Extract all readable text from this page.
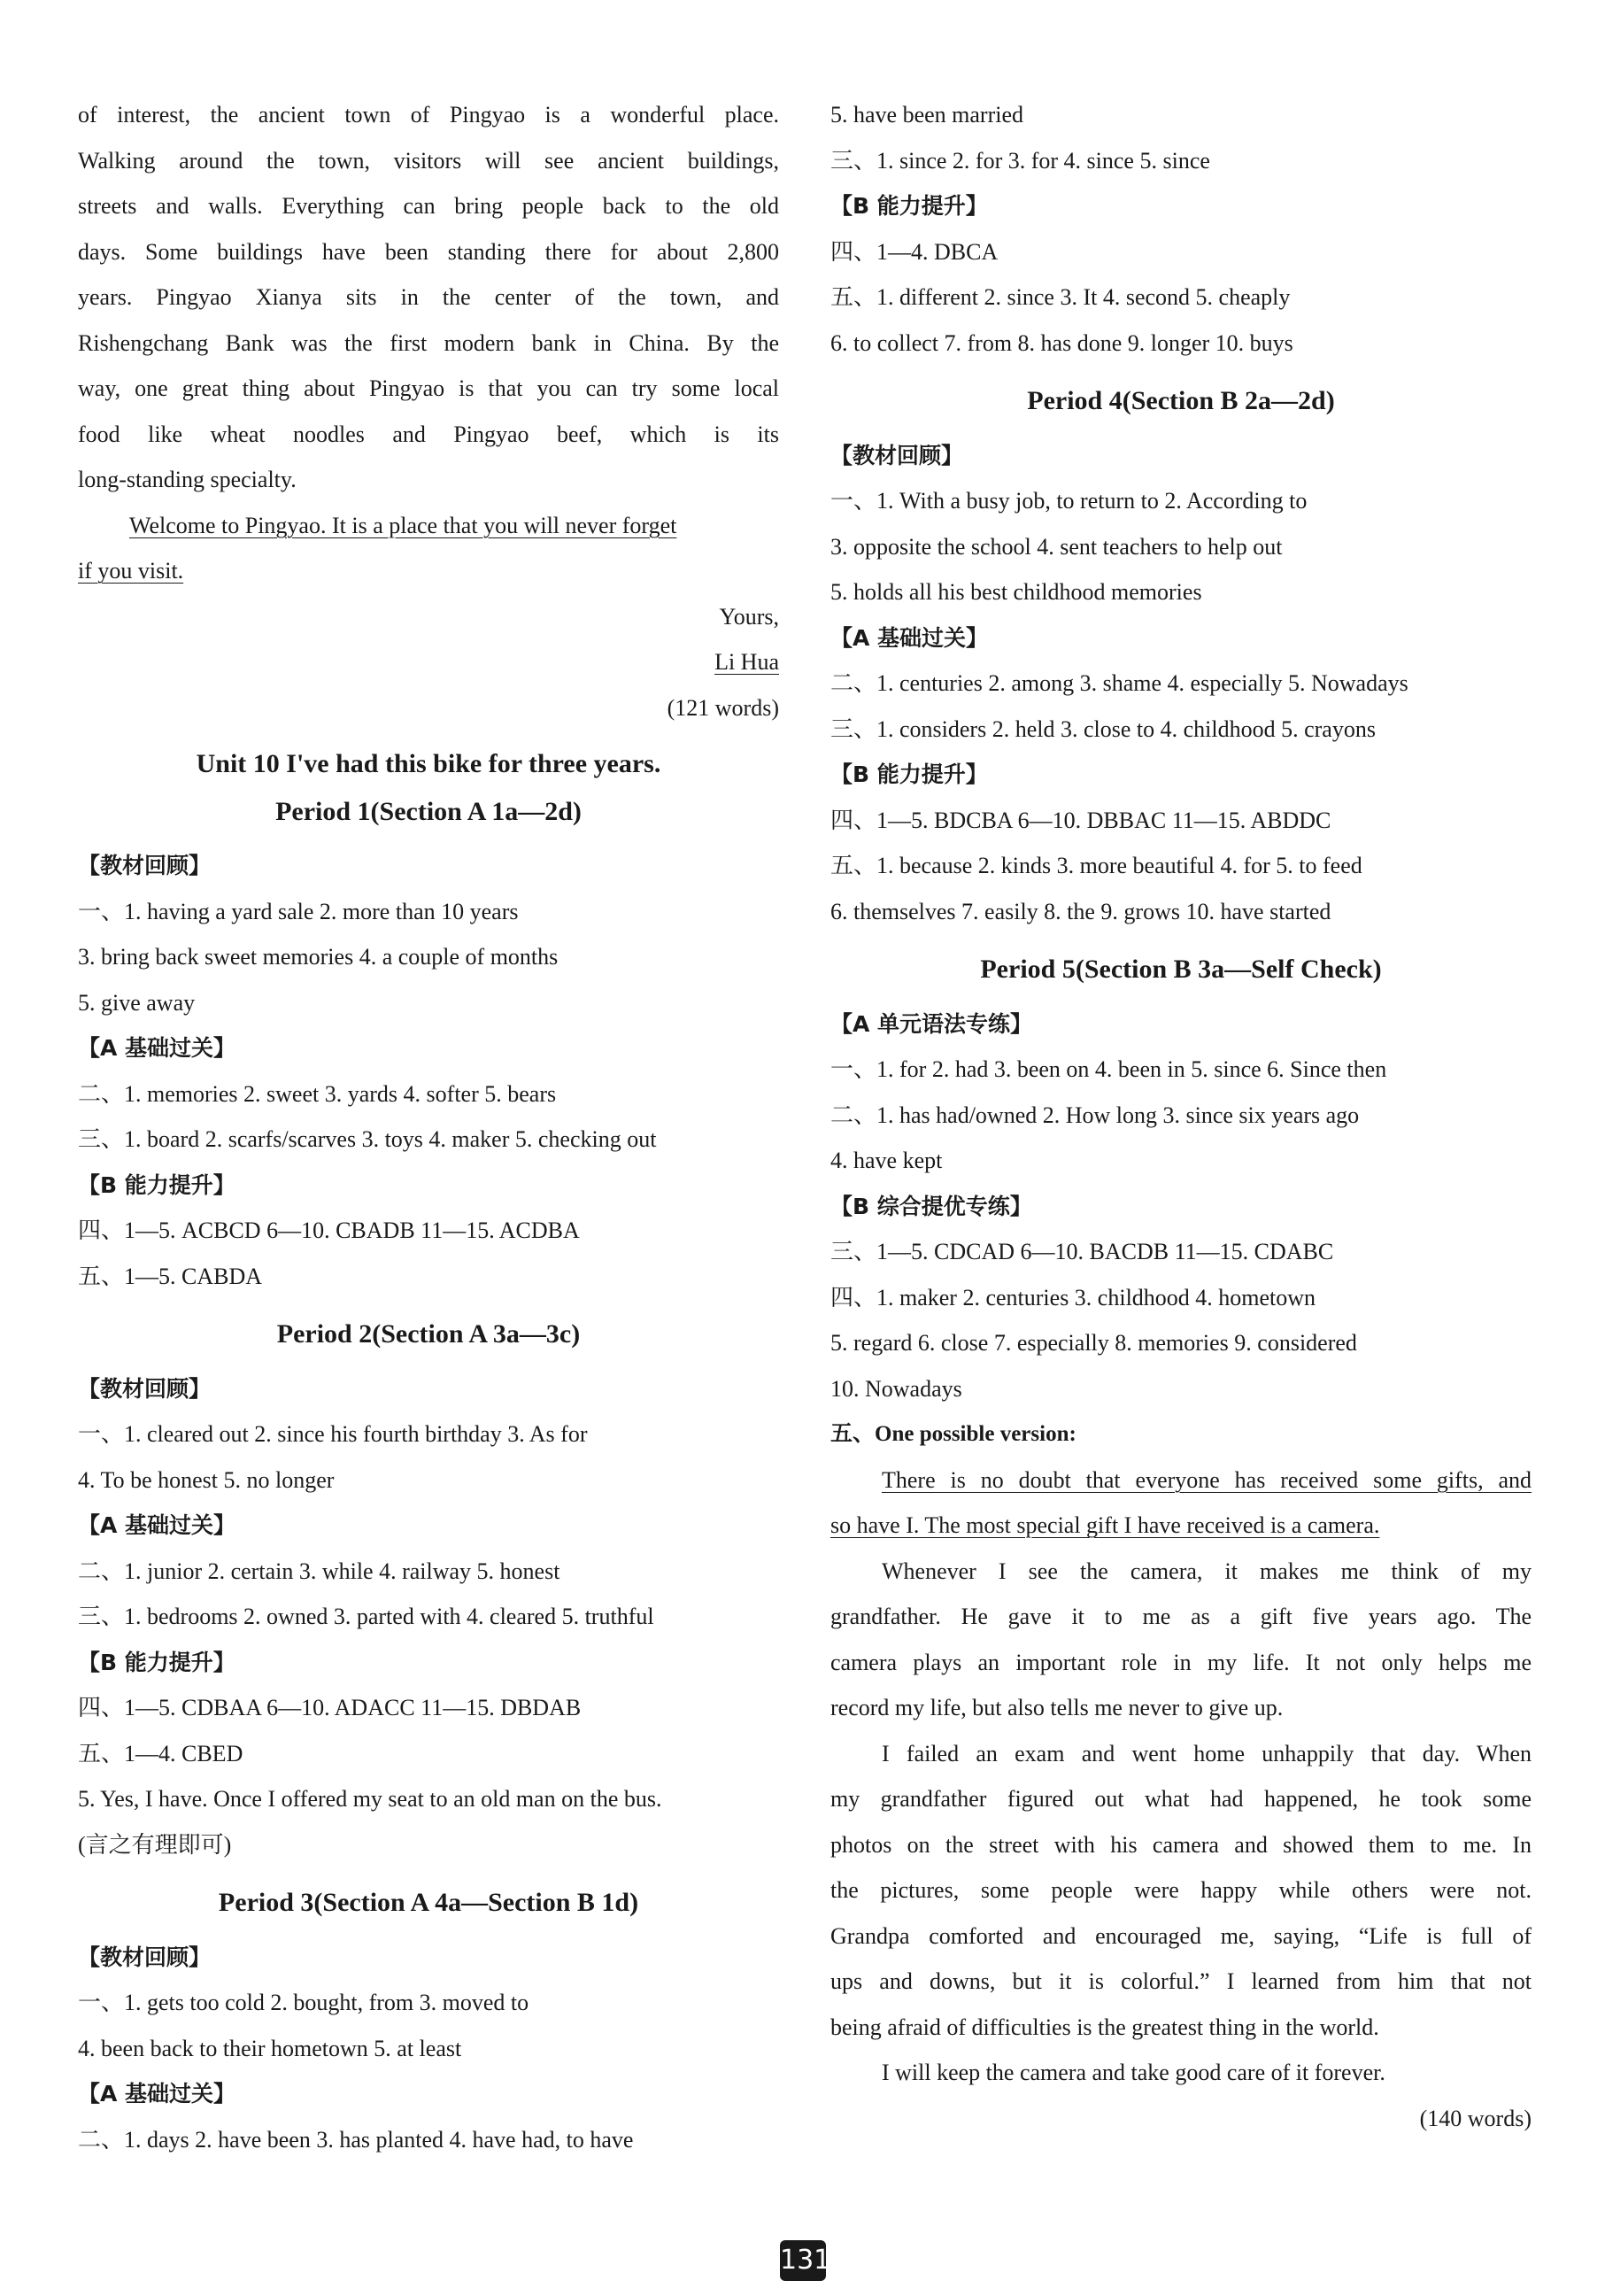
of interest, the ancient town of Pingyao is a wonderful place.
Walking around the town, visitors will see ancient buildings,
streets and walls. Everything can bring people back to the old
days. Some buildings have been standing there for about 2,800
years. Pingyao Xianya sits in the center of the town, and
Rishengchang Bank was the first modern bank in China. By the
way, one great thing about Pingyao is that you can try some local
food like wheat noodles and Pingyao beef, which is its
long-standing specialty.
Welcome to Pingyao. It is a place that you will never forget
if you visit.
Yours,
Li Hua
(121 words)
Unit 10 I've had this bike for three years.
Period 1(Section A 1a—2d)
【教材回顾】
一、1. having a yard sale 2. more than 10 years
3. bring back sweet memories 4. a couple of months
5. give away
【A 基础过关】
二、1. memories 2. sweet 3. yards 4. softer 5. bears
三、1. board 2. scarfs/scarves 3. toys 4. maker 5. checking out
【B 能力提升】
四、1—5. ACBCD 6—10. CBADB 11—15. ACDBA
五、1—5. CABDA
Period 2(Section A 3a—3c)
【教材回顾】
一、1. cleared out 2. since his fourth birthday 3. As for
4. To be honest 5. no longer
【A 基础过关】
二、1. junior 2. certain 3. while 4. railway 5. honest
三、1. bedrooms 2. owned 3. parted with 4. cleared 5. truthful
【B 能力提升】
四、1—5. CDBAA 6—10. ADACC 11—15. DBDAB
五、1—4. CBED
5. Yes, I have. Once I offered my seat to an old man on the bus.
(言之有理即可)
Period 3(Section A 4a—Section B 1d)
【教材回顾】
一、1. gets too cold 2. bought, from 3. moved to
4. been back to their hometown 5. at least
【A 基础过关】
二、1. days 2. have been 3. has planted 4. have had, to have
5. have been married
三、1. since 2. for 3. for 4. since 5. since
【B 能力提升】
四、1—4. DBCA
五、1. different 2. since 3. It 4. second 5. cheaply
6. to collect 7. from 8. has done 9. longer 10. buys
Period 4(Section B 2a—2d)
【教材回顾】
一、1. With a busy job, to return to 2. According to
3. opposite the school 4. sent teachers to help out
5. holds all his best childhood memories
【A 基础过关】
二、1. centuries 2. among 3. shame 4. especially 5. Nowadays
三、1. considers 2. held 3. close to 4. childhood 5. crayons
【B 能力提升】
四、1—5. BDCBA 6—10. DBBAC 11—15. ABDDC
五、1. because 2. kinds 3. more beautiful 4. for 5. to feed
6. themselves 7. easily 8. the 9. grows 10. have started
Period 5(Section B 3a—Self Check)
【A 单元语法专练】
一、1. for 2. had 3. been on 4. been in 5. since 6. Since then
二、1. has had/owned 2. How long 3. since six years ago
4. have kept
【B 综合提优专练】
三、1—5. CDCAD 6—10. BACDB 11—15. CDABC
四、1. maker 2. centuries 3. childhood 4. hometown
5. regard 6. close 7. especially 8. memories 9. considered
10. Nowadays
五、One possible version:
There is no doubt that everyone has received some gifts, and
so have I. The most special gift I have received is a camera.
Whenever I see the camera, it makes me think of my
grandfather. He gave it to me as a gift five years ago. The
camera plays an important role in my life. It not only helps me
record my life, but also tells me never to give up.
I failed an exam and went home unhappily that day. When
my grandfather figured out what had happened, he took some
photos on the street with his camera and showed them to me. In
the pictures, some people were happy while others were not.
Grandpa comforted and encouraged me, saying, “Life is full of
ups and downs, but it is colorful.” I learned from him that not
being afraid of difficulties is the greatest thing in the world.
I will keep the camera and take good care of it forever.
(140 words)
131
